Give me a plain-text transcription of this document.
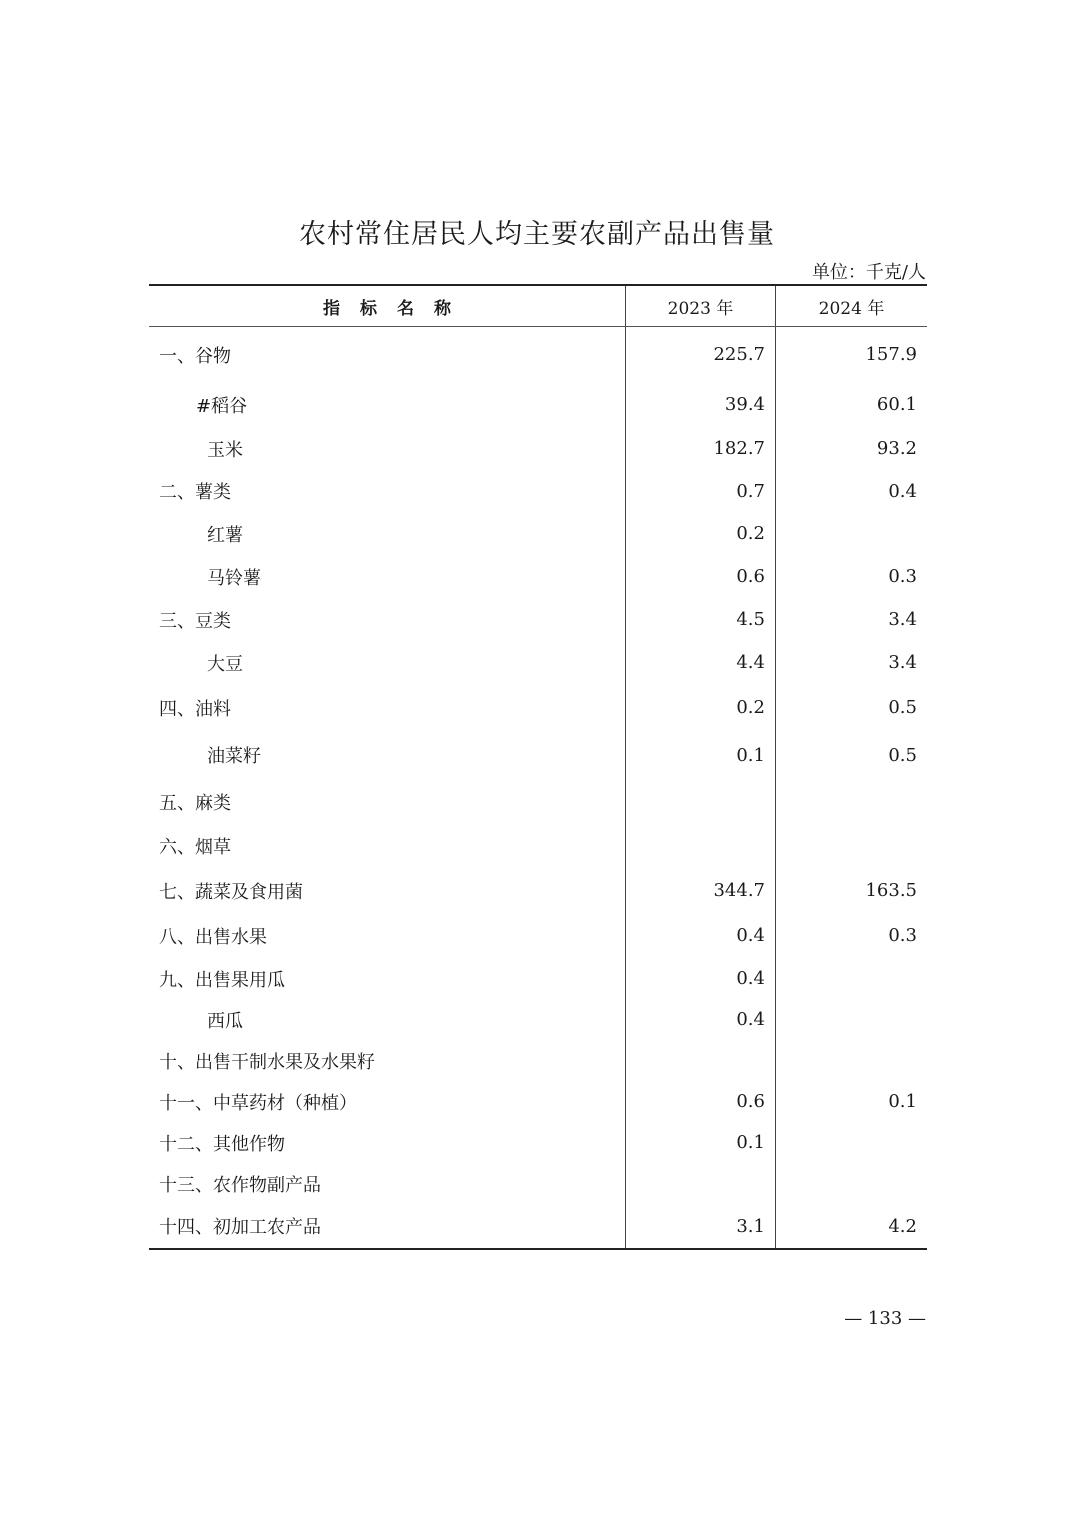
农村常住居民人均主要农副产品出售量
单位：千克/人
指标名称	2023 年	2024 年
一、谷物	225.7	157.9
#稻谷	39.4	60.1
玉米	182.7	93.2
二、薯类	0.7	0.4
红薯	0.2
马铃薯	0.6	0.3
三、豆类	4.5	3.4
大豆	4.4	3.4
四、油料	0.2	0.5
油菜籽	0.1	0.5
五、麻类
六、烟草
七、蔬菜及食用菌	344.7	163.5
八、出售水果	0.4	0.3
九、出售果用瓜	0.4
西瓜	0.4
十、出售干制水果及水果籽
十一、中草药材（种植）	0.6	0.1
十二、其他作物	0.1
十三、农作物副产品
十四、初加工农产品	3.1	4.2
— 133 —
